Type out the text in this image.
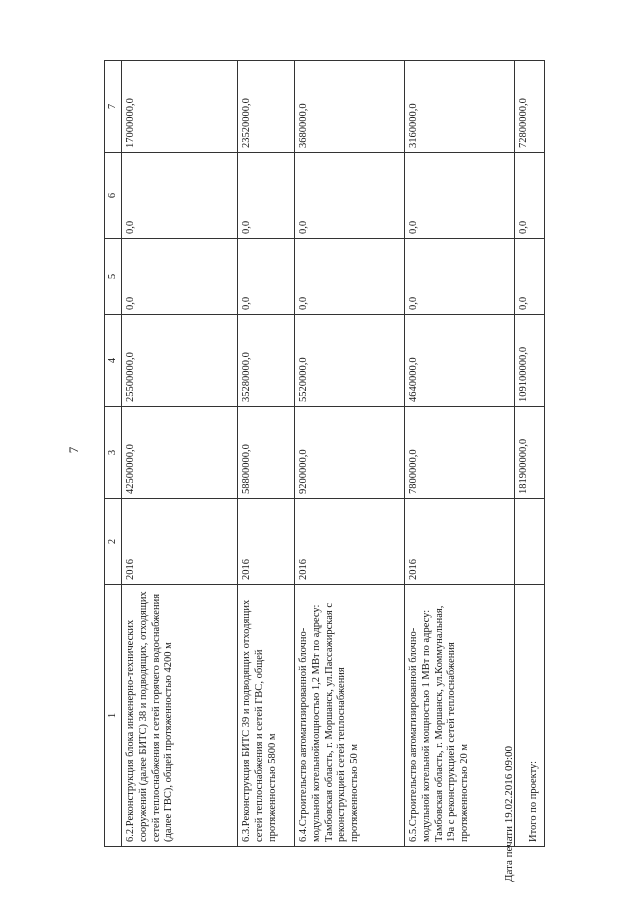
7
1	2	3	4	5	6	7
6.2.Реконструкция блока инженерно-технических сооружений (далее БИТС) 38 и подводящих, отходящих сетей теплоснабжения и сетей горячего водоснабжения (далее ГВС), общей протяженностью 4200 м	2016	42500000,0	25500000,0	0,0	0,0	17000000,0
6.3.Реконструкция БИТС 39 и подводящих отходящих сетей теплоснабжения и сетей ГВС, общей протяженностью 5800 м	2016	58800000,0	35280000,0	0,0	0,0	23520000,0
6.4.Строительство автоматизированной блочно-модульной котельноймощностью 1,2 МВт по адресу: Тамбовская область, г. Моршанск, ул.Пассажирская с реконструкцией сетей теплоснабжения протяженностью 50 м	2016	9200000,0	5520000,0	0,0	0,0	3680000,0
6.5.Строительство автоматизированной блочно-модульной котельной мощностью 1 МВт по адресу: Тамбовская область, г. Моршанск, ул.Коммунальная, 19а с реконструкцией сетей теплоснабжения протяженностью 20 м	2016	7800000,0	4640000,0	0,0	0,0	3160000,0
Итого по проекту:		181900000,0	109100000,0	0,0	0,0	72800000,0
Дата печати 19.02.2016 09:00
